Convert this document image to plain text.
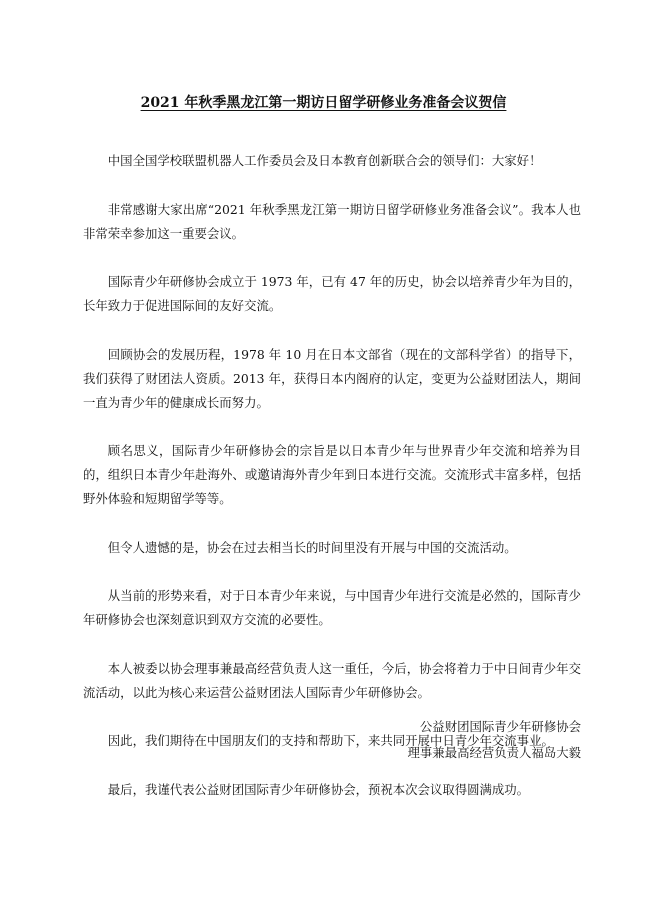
2021 年秋季黑龙江第一期访日留学研修业务准备会议贺信

中国全国学校联盟机器人工作委员会及日本教育创新联合会的领导们：大家好！

非常感谢大家出席“2021 年秋季黑龙江第一期访日留学研修业务准备会议”。我本人也非常荣幸参加这一重要会议。

国际青少年研修协会成立于 1973 年，已有 47 年的历史，协会以培养青少年为目的，长年致力于促进国际间的友好交流。

回顾协会的发展历程，1978 年 10 月在日本文部省（现在的文部科学省）的指导下，我们获得了财团法人资质。2013 年，获得日本内阁府的认定，变更为公益财团法人，期间一直为青少年的健康成长而努力。

顾名思义，国际青少年研修协会的宗旨是以日本青少年与世界青少年交流和培养为目的，组织日本青少年赴海外、或邀请海外青少年到日本进行交流。交流形式丰富多样，包括野外体验和短期留学等等。

但令人遗憾的是，协会在过去相当长的时间里没有开展与中国的交流活动。

从当前的形势来看，对于日本青少年来说，与中国青少年进行交流是必然的，国际青少年研修协会也深刻意识到双方交流的必要性。

本人被委以协会理事兼最高经营负责人这一重任，今后，协会将着力于中日间青少年交流活动，以此为核心来运营公益财团法人国际青少年研修协会。

因此，我们期待在中国朋友们的支持和帮助下，来共同开展中日青少年交流事业。

最后，我谨代表公益财团国际青少年研修协会，预祝本次会议取得圆满成功。

公益财团国际青少年研修协会
理事兼最高经营负责人福岛大毅
